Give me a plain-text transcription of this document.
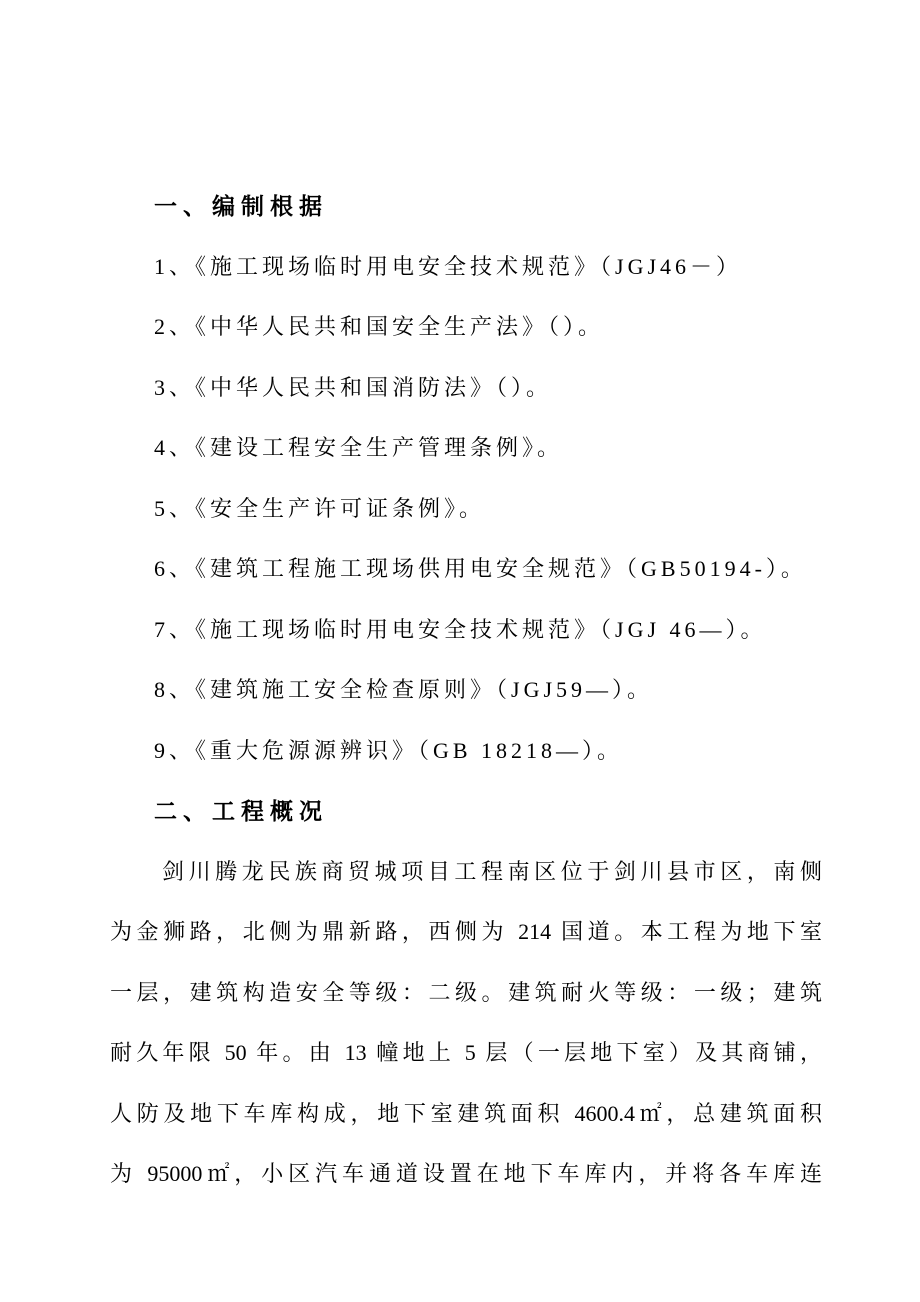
一、编制根据
1、《施工现场临时用电安全技术规范》（JGJ46－）
2、《中华人民共和国安全生产法》（）。
3、《中华人民共和国消防法》（）。
4、《建设工程安全生产管理条例》。
5、《安全生产许可证条例》。
6、《建筑工程施工现场供用电安全规范》（GB50194-）。
7、《施工现场临时用电安全技术规范》（JGJ 46—）。
8、《建筑施工安全检查原则》（JGJ59—）。
9、《重大危源源辨识》（GB 18218—）。
二、工程概况
剑川腾龙民族商贸城项目工程南区位于剑川县市区，南侧
为金狮路，北侧为鼎新路，西侧为 214 国道。本工程为地下室
一层，建筑构造安全等级：二级。建筑耐火等级：一级；建筑
耐久年限 50 年。由 13 幢地上 5 层（一层地下室）及其商铺，
人防及地下车库构成，地下室建筑面积 4600.4㎡，总建筑面积
为 95000㎡，小区汽车通道设置在地下车库内，并将各车库连
